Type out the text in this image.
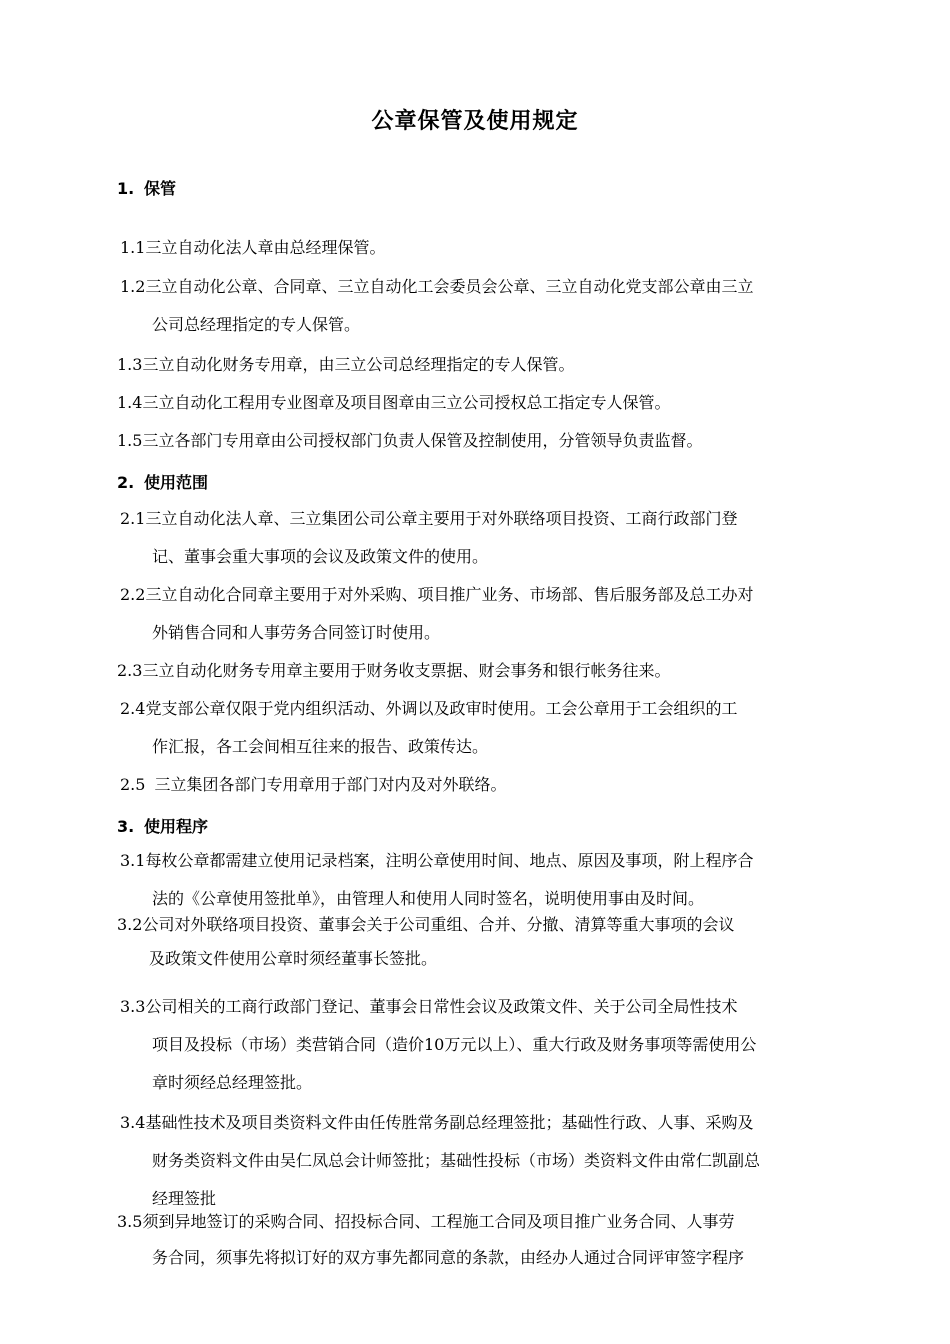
公章保管及使用规定
1. 保管
1.1三立自动化法人章由总经理保管。
1.2三立自动化公章、合同章、三立自动化工会委员会公章、三立自动化党支部公章由三立
公司总经理指定的专人保管。
1.3三立自动化财务专用章，由三立公司总经理指定的专人保管。
1.4三立自动化工程用专业图章及项目图章由三立公司授权总工指定专人保管。
1.5三立各部门专用章由公司授权部门负责人保管及控制使用，分管领导负责监督。
2. 使用范围
2.1三立自动化法人章、三立集团公司公章主要用于对外联络项目投资、工商行政部门登
记、董事会重大事项的会议及政策文件的使用。
2.2三立自动化合同章主要用于对外采购、项目推广业务、市场部、售后服务部及总工办对
外销售合同和人事劳务合同签订时使用。
2.3三立自动化财务专用章主要用于财务收支票据、财会事务和银行帐务往来。
2.4党支部公章仅限于党内组织活动、外调以及政审时使用。工会公章用于工会组织的工
作汇报，各工会间相互往来的报告、政策传达。
2.5 三立集团各部门专用章用于部门对内及对外联络。
3. 使用程序
3.1每枚公章都需建立使用记录档案，注明公章使用时间、地点、原因及事项，附上程序合
法的《公章使用签批单》，由管理人和使用人同时签名，说明使用事由及时间。
3.2公司对外联络项目投资、董事会关于公司重组、合并、分撤、清算等重大事项的会议
及政策文件使用公章时须经董事长签批。
3.3公司相关的工商行政部门登记、董事会日常性会议及政策文件、关于公司全局性技术
项目及投标（市场）类营销合同（造价10万元以上）、重大行政及财务事项等需使用公
章时须经总经理签批。
3.4基础性技术及项目类资料文件由任传胜常务副总经理签批；基础性行政、人事、采购及
财务类资料文件由吴仁凤总会计师签批；基础性投标（市场）类资料文件由常仁凯副总
经理签批
3.5须到异地签订的采购合同、招投标合同、工程施工合同及项目推广业务合同、人事劳
务合同，须事先将拟订好的双方事先都同意的条款，由经办人通过合同评审签字程序
